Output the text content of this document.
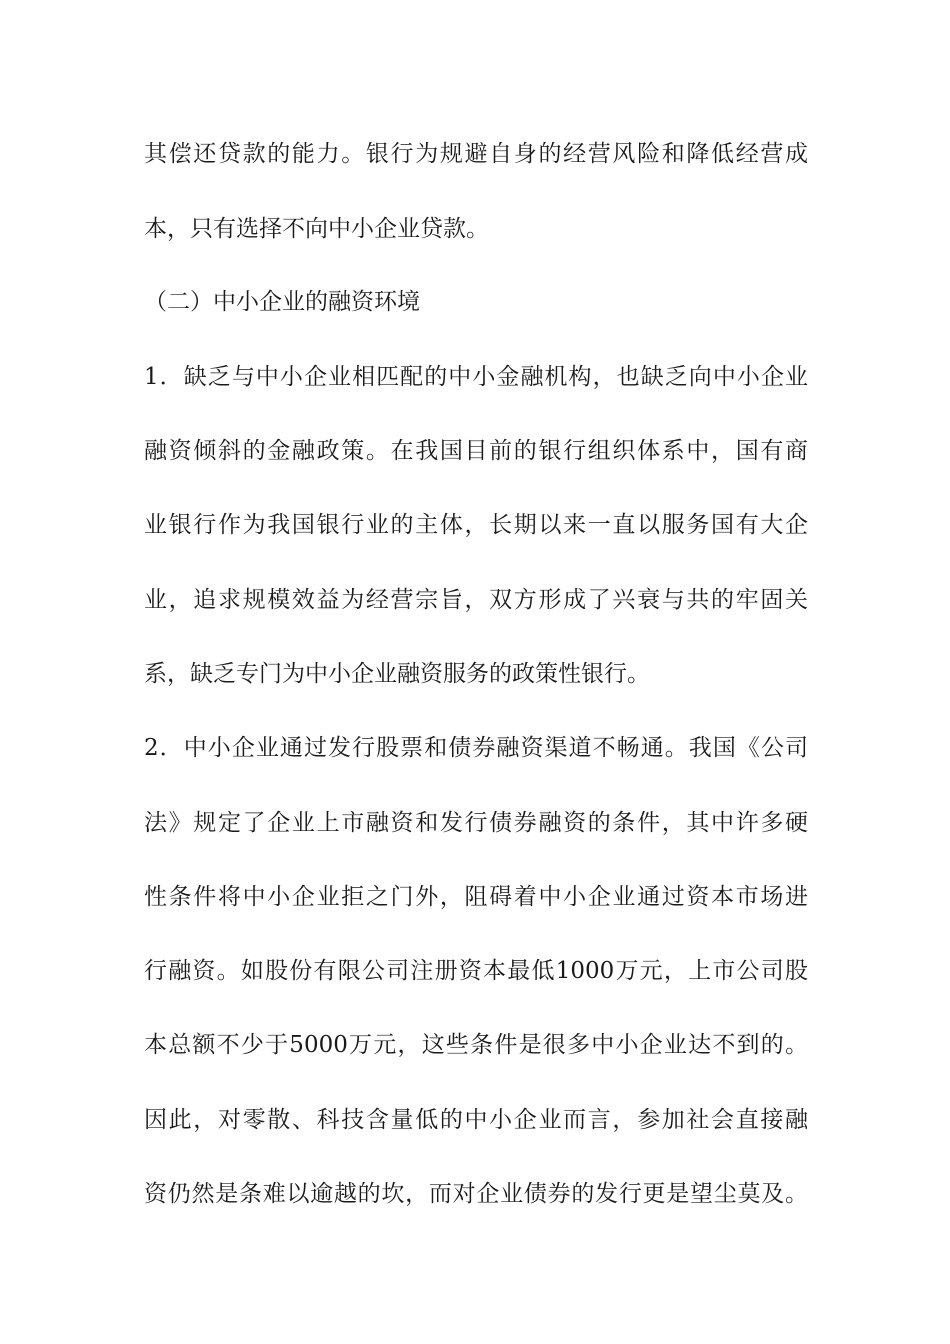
其偿还贷款的能力。银行为规避自身的经营风险和降低经营成
本，只有选择不向中小企业贷款。
（二）中小企业的融资环境
1．缺乏与中小企业相匹配的中小金融机构，也缺乏向中小企业
融资倾斜的金融政策。在我国目前的银行组织体系中，国有商
业银行作为我国银行业的主体，长期以来一直以服务国有大企
业，追求规模效益为经营宗旨，双方形成了兴衰与共的牢固关
系，缺乏专门为中小企业融资服务的政策性银行。
2．中小企业通过发行股票和债券融资渠道不畅通。我国《公司
法》规定了企业上市融资和发行债券融资的条件，其中许多硬
性条件将中小企业拒之门外，阻碍着中小企业通过资本市场进
行融资。如股份有限公司注册资本最低1000万元，上市公司股
本总额不少于5000万元，这些条件是很多中小企业达不到的。
因此，对零散、科技含量低的中小企业而言，参加社会直接融
资仍然是条难以逾越的坎，而对企业债券的发行更是望尘莫及。
